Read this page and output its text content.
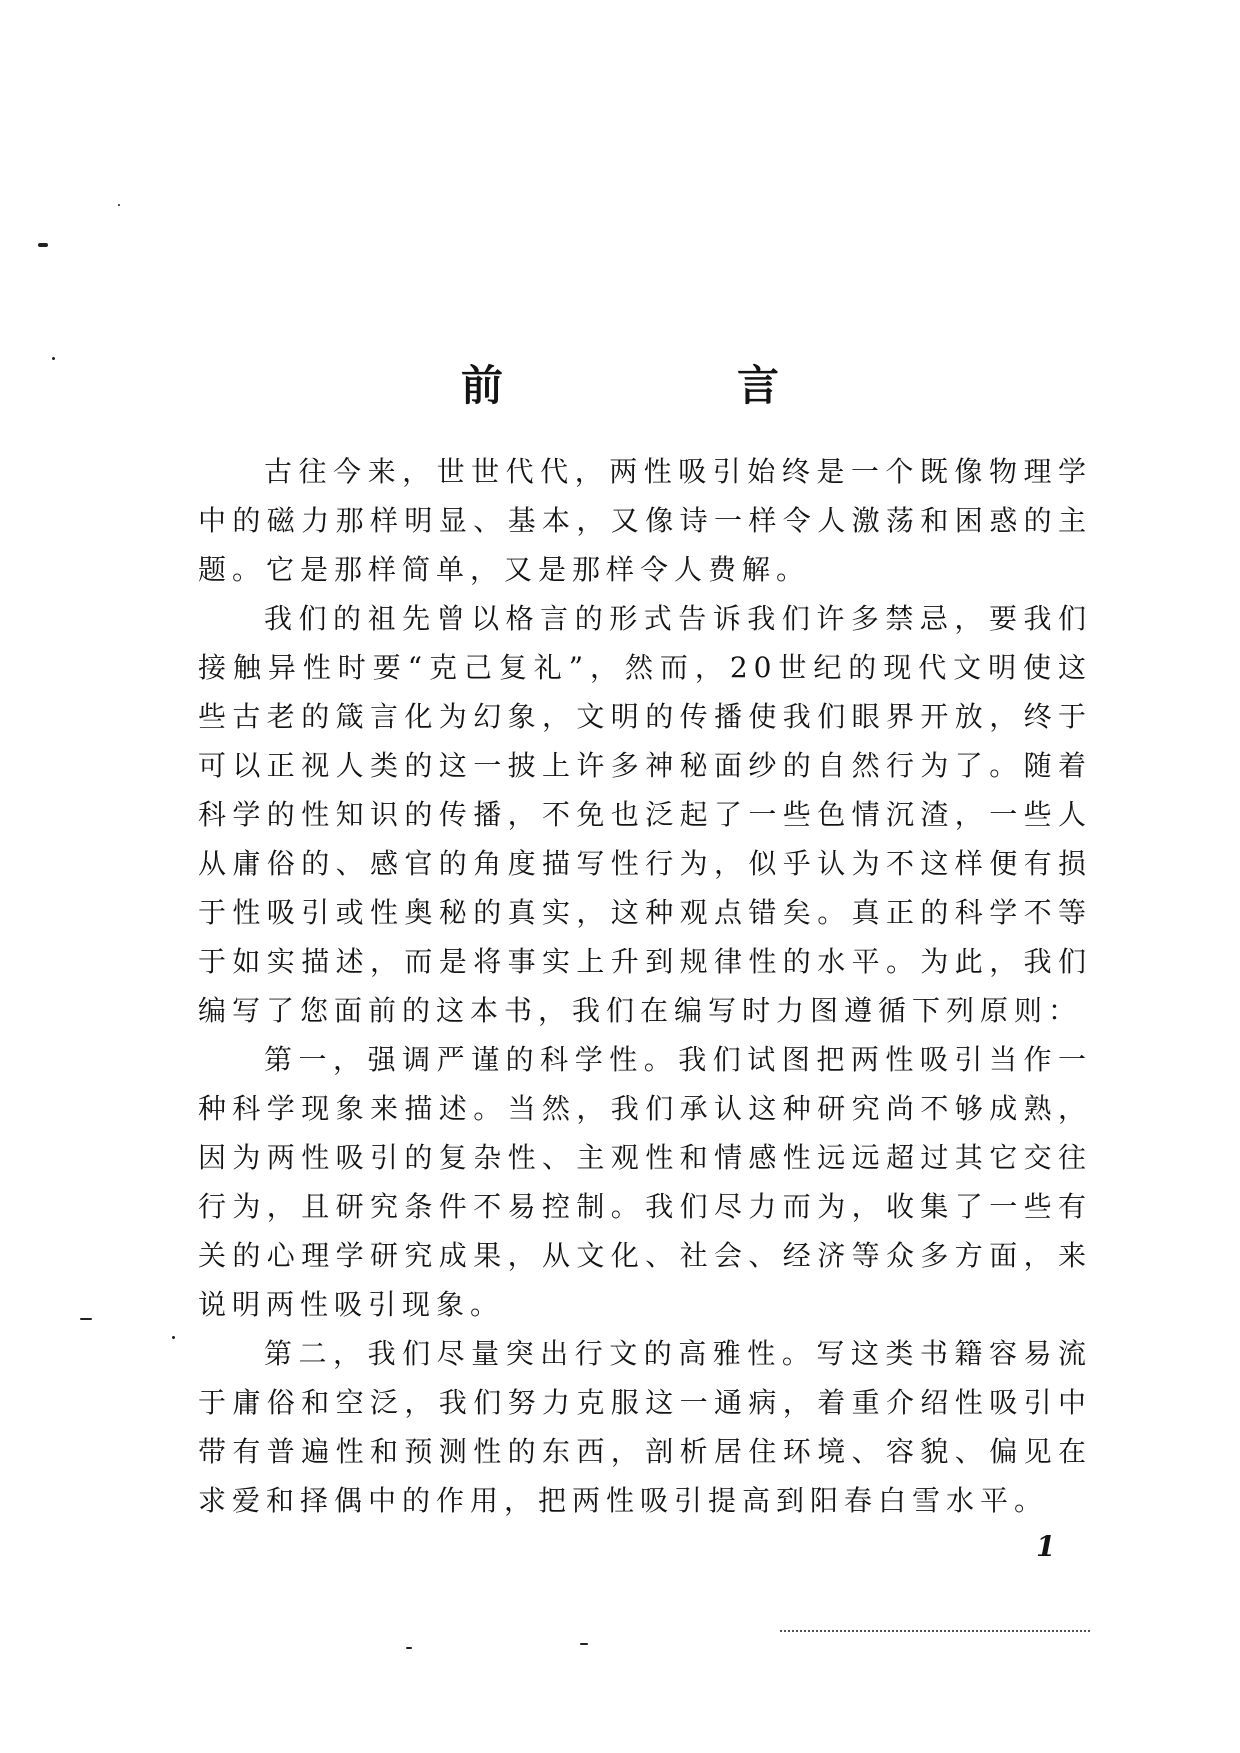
前　言

古往今来，世世代代，两性吸引始终是一个既像物理学中的磁力那样明显、基本，又像诗一样令人激荡和困惑的主题。它是那样简单，又是那样令人费解。

我们的祖先曾以格言的形式告诉我们许多禁忌，要我们接触异性时要“克己复礼”，然而，20世纪的现代文明使这些古老的箴言化为幻象，文明的传播使我们眼界开放，终于可以正视人类的这一披上许多神秘面纱的自然行为了。随着科学的性知识的传播，不免也泛起了一些色情沉渣，一些人从庸俗的、感官的角度描写性行为，似乎认为不这样便有损于性吸引或性奥秘的真实，这种观点错矣。真正的科学不等于如实描述，而是将事实上升到规律性的水平。为此，我们编写了您面前的这本书，我们在编写时力图遵循下列原则：

第一，强调严谨的科学性。我们试图把两性吸引当作一种科学现象来描述。当然，我们承认这种研究尚不够成熟，因为两性吸引的复杂性、主观性和情感性远远超过其它交往行为，且研究条件不易控制。我们尽力而为，收集了一些有关的心理学研究成果，从文化、社会、经济等众多方面，来说明两性吸引现象。

第二，我们尽量突出行文的高雅性。写这类书籍容易流于庸俗和空泛，我们努力克服这一通病，着重介绍性吸引中带有普遍性和预测性的东西，剖析居住环境、容貌、偏见在求爱和择偶中的作用，把两性吸引提高到阳春白雪水平。

1
